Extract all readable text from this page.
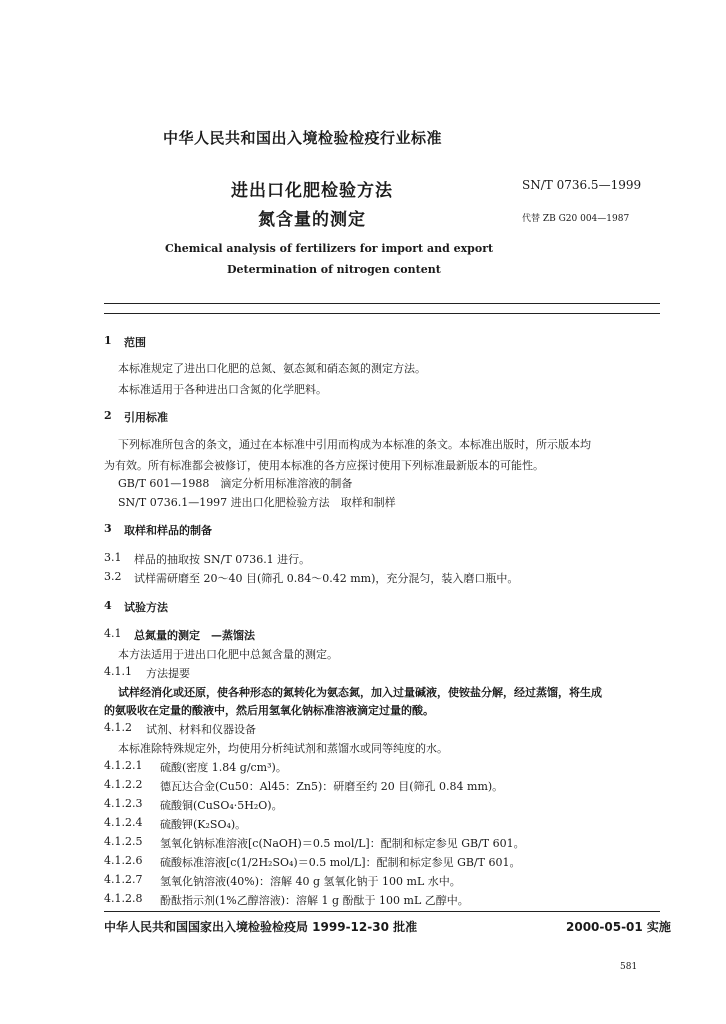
中华人民共和国出入境检验检疫行业标准
进出口化肥检验方法
氮含量的测定
SN/T 0736.5—1999
代替 ZB G20 004—1987
Chemical analysis of fertilizers for import and export
Determination of nitrogen content
1 范围
本标准规定了进出口化肥的总氮、氨态氮和硝态氮的测定方法。
本标准适用于各种进出口含氮的化学肥料。
2 引用标准
下列标准所包含的条文，通过在本标准中引用而构成为本标准的条文。本标准出版时，所示版本均
为有效。所有标准都会被修订，使用本标准的各方应探讨使用下列标准最新版本的可能性。
GB/T 601—1988　滴定分析用标准溶液的制备
SN/T 0736.1—1997 进出口化肥检验方法　取样和制样
3 取样和样品的制备
3.1 样品的抽取按 SN/T 0736.1 进行。
3.2 试样需研磨至 20～40 目(筛孔 0.84～0.42 mm)，充分混匀，装入磨口瓶中。
4 试验方法
4.1 总氮量的测定　—蒸馏法
本方法适用于进出口化肥中总氮含量的测定。
4.1.1 方法提要
试样经消化或还原，使各种形态的氮转化为氨态氮，加入过量碱液，使铵盐分解，经过蒸馏，将生成
的氨吸收在定量的酸液中，然后用氢氧化钠标准溶液滴定过量的酸。
4.1.2 试剂、材料和仪器设备
本标准除特殊规定外，均使用分析纯试剂和蒸馏水或同等纯度的水。
4.1.2.1 硫酸(密度 1.84 g/cm³)。
4.1.2.2 德瓦达合金(Cu50：Al45：Zn5)：研磨至约 20 目(筛孔 0.84 mm)。
4.1.2.3 硫酸铜(CuSO₄·5H₂O)。
4.1.2.4 硫酸钾(K₂SO₄)。
4.1.2.5 氢氧化钠标准溶液[c(NaOH)＝0.5 mol/L]：配制和标定参见 GB/T 601。
4.1.2.6 硫酸标准溶液[c(1/2H₂SO₄)＝0.5 mol/L]：配制和标定参见 GB/T 601。
4.1.2.7 氢氧化钠溶液(40%)：溶解 40 g 氢氧化钠于 100 mL 水中。
4.1.2.8 酚酞指示剂(1%乙醇溶液)：溶解 1 g 酚酞于 100 mL 乙醇中。
中华人民共和国国家出入境检验检疫局 1999-12-30 批准	2000-05-01 实施
581
